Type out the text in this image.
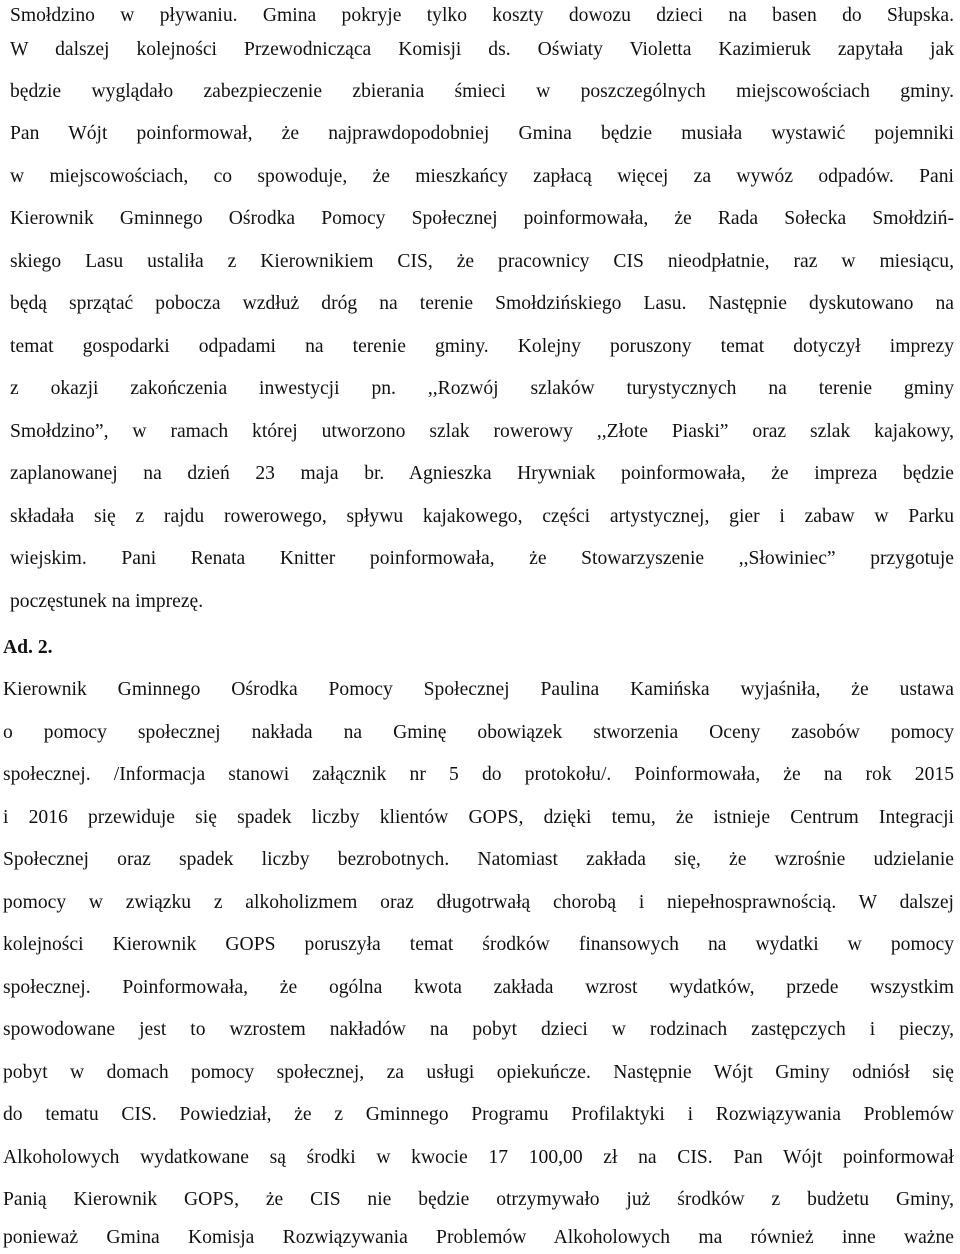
Smołdzino w pływaniu. Gmina pokryje tylko koszty dowozu dzieci na basen do Słupska.
W dalszej kolejności Przewodnicząca Komisji ds. Oświaty Violetta Kazimieruk zapytała jak
będzie wyglądało zabezpieczenie zbierania śmieci w poszczególnych miejscowościach gminy.
Pan Wójt poinformował, że najprawdopodobniej Gmina będzie musiała wystawić pojemniki
w miejscowościach, co spowoduje, że mieszkańcy zapłacą więcej za wywóz odpadów. Pani
Kierownik Gminnego Ośrodka Pomocy Społecznej poinformowała, że Rada Sołecka Smołdziń-
skiego Lasu ustaliła z Kierownikiem CIS, że pracownicy CIS nieodpłatnie, raz w miesiącu,
będą sprzątać pobocza wzdłuż dróg na terenie Smołdzińskiego Lasu. Następnie dyskutowano na
temat gospodarki odpadami na terenie gminy. Kolejny poruszony temat dotyczył imprezy
z okazji zakończenia inwestycji pn. ,,Rozwój szlaków turystycznych na terenie gminy
Smołdzino”, w ramach której utworzono szlak rowerowy ,,Złote Piaski” oraz szlak kajakowy,
zaplanowanej na dzień 23 maja br. Agnieszka Hrywniak poinformowała, że impreza będzie
składała się z rajdu rowerowego, spływu kajakowego, części artystycznej, gier i zabaw w Parku
wiejskim. Pani Renata Knitter poinformowała, że Stowarzyszenie ,,Słowiniec” przygotuje
poczęstunek na imprezę.
Ad. 2.
Kierownik Gminnego Ośrodka Pomocy Społecznej Paulina Kamińska wyjaśniła, że ustawa
o pomocy społecznej nakłada na Gminę obowiązek stworzenia Oceny zasobów pomocy
społecznej. /Informacja stanowi załącznik nr 5 do protokołu/. Poinformowała, że na rok 2015
i 2016 przewiduje się spadek liczby klientów GOPS, dzięki temu, że istnieje Centrum Integracji
Społecznej oraz spadek liczby bezrobotnych. Natomiast zakłada się, że wzrośnie udzielanie
pomocy w związku z alkoholizmem oraz długotrwałą chorobą i niepełnosprawnością. W dalszej
kolejności Kierownik GOPS poruszyła temat środków finansowych na wydatki w pomocy
społecznej. Poinformowała, że ogólna kwota zakłada wzrost wydatków, przede wszystkim
spowodowane jest to wzrostem nakładów na pobyt dzieci w rodzinach zastępczych i pieczy,
pobyt w domach pomocy społecznej, za usługi opiekuńcze. Następnie Wójt Gminy odniósł się
do tematu CIS. Powiedział, że z Gminnego Programu Profilaktyki i Rozwiązywania Problemów
Alkoholowych wydatkowane są środki w kwocie 17 100,00 zł na CIS. Pan Wójt poinformował
Panią Kierownik GOPS, że CIS nie będzie otrzymywało już środków z budżetu Gminy,
ponieważ Gmina Komisja Rozwiązywania Problemów Alkoholowych ma również inne ważne
